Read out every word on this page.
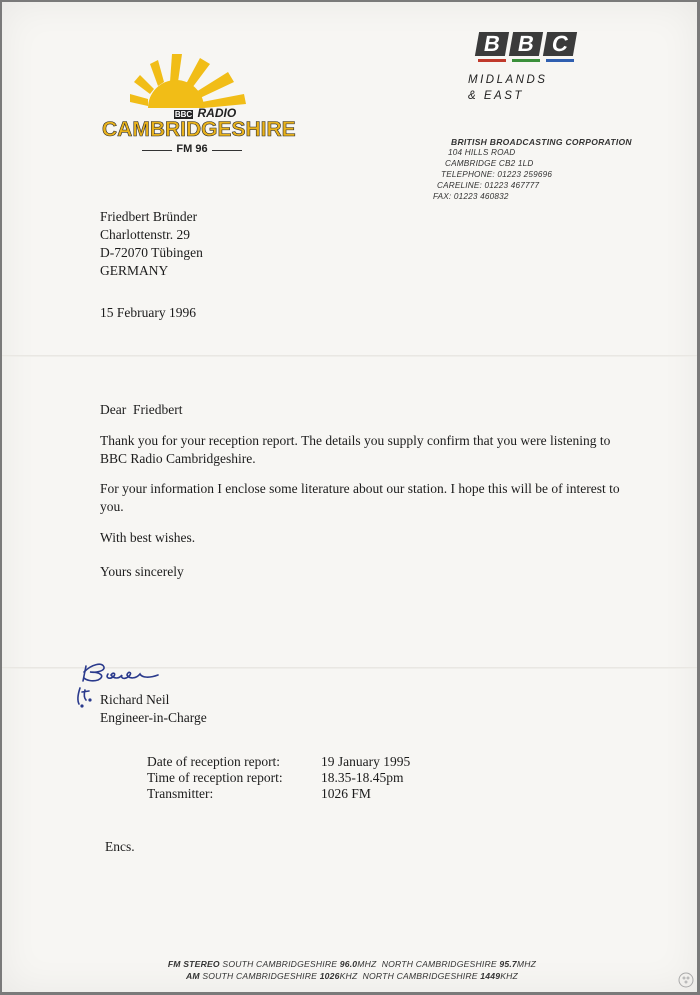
BBC RADIO
CAMBRIDGESHIRE
FM 96
B B C
MIDLANDS
& EAST
BRITISH BROADCASTING CORPORATION
104 HILLS ROAD
CAMBRIDGE CB2 1LD
TELEPHONE: 01223 259696
CARELINE: 01223 467777
FAX: 01223 460832
Friedbert Bründer
Charlottenstr. 29
D-72070 Tübingen
GERMANY
15 February 1996
Dear  Friedbert
Thank you for your reception report. The details you supply confirm that you were listening to BBC Radio Cambridgeshire.
For your information I enclose some literature about our station. I hope this will be of interest to you.
With best wishes.
Yours sincerely
Richard Neil
Engineer-in-Charge
Date of reception report:	19 January 1995
Time of reception report:	18.35-18.45pm
Transmitter:	1026 FM
Encs.
FM STEREO SOUTH CAMBRIDGESHIRE 96.0MHZ NORTH CAMBRIDGESHIRE 95.7MHZ
AM SOUTH CAMBRIDGESHIRE 1026KHZ NORTH CAMBRIDGESHIRE 1449KHZ
